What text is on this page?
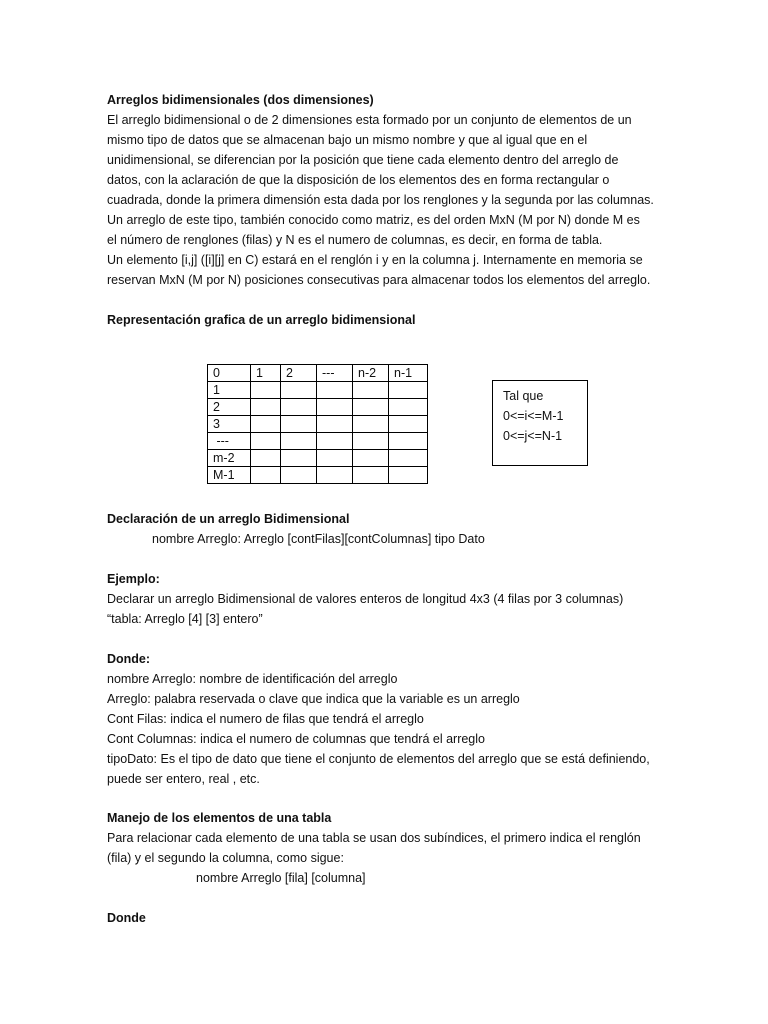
Arreglos bidimensionales (dos dimensiones)
El arreglo bidimensional o de 2 dimensiones esta formado por un conjunto de elementos de un
mismo tipo de datos que se almacenan bajo un mismo nombre y que al igual que en el
unidimensional, se diferencian por la posición que tiene cada elemento dentro del arreglo de
datos, con la aclaración de que la disposición de los elementos des en forma rectangular o
cuadrada, donde la primera dimensión esta dada por los renglones y la segunda por las columnas.
Un arreglo de este tipo, también conocido como matriz, es del orden MxN (M por N) donde M es
el número de renglones (filas) y N es el numero de columnas, es decir, en forma de tabla.
Un elemento [i,j] ([i][j] en C) estará en el renglón i y en la columna j. Internamente en memoria se
reservan MxN (M por N) posiciones consecutivas para almacenar todos los elementos del arreglo.
Representación grafica de un arreglo bidimensional
0	1	2	---	n-2	n-1
1					
2					
3					
---					
m-2					
M-1					
Tal que
0<=i<=M-1
0<=j<=N-1
Declaración de un arreglo Bidimensional
nombre Arreglo: Arreglo [contFilas][contColumnas] tipo Dato
Ejemplo:
Declarar un arreglo Bidimensional de valores enteros de longitud 4x3 (4 filas por 3 columnas)
“tabla: Arreglo [4] [3] entero”
Donde:
nombre Arreglo: nombre de identificación del arreglo
Arreglo: palabra reservada o clave que indica que la variable es un arreglo
Cont Filas: indica el numero de filas que tendrá el arreglo
Cont Columnas: indica el numero de columnas que tendrá el arreglo
tipoDato: Es el tipo de dato que tiene el conjunto de elementos del arreglo que se está definiendo,
puede ser entero, real , etc.
Manejo de los elementos de una tabla
Para relacionar cada elemento de una tabla se usan dos subíndices, el primero indica el renglón
(fila) y el segundo la columna, como sigue:
nombre Arreglo [fila] [columna]
Donde
